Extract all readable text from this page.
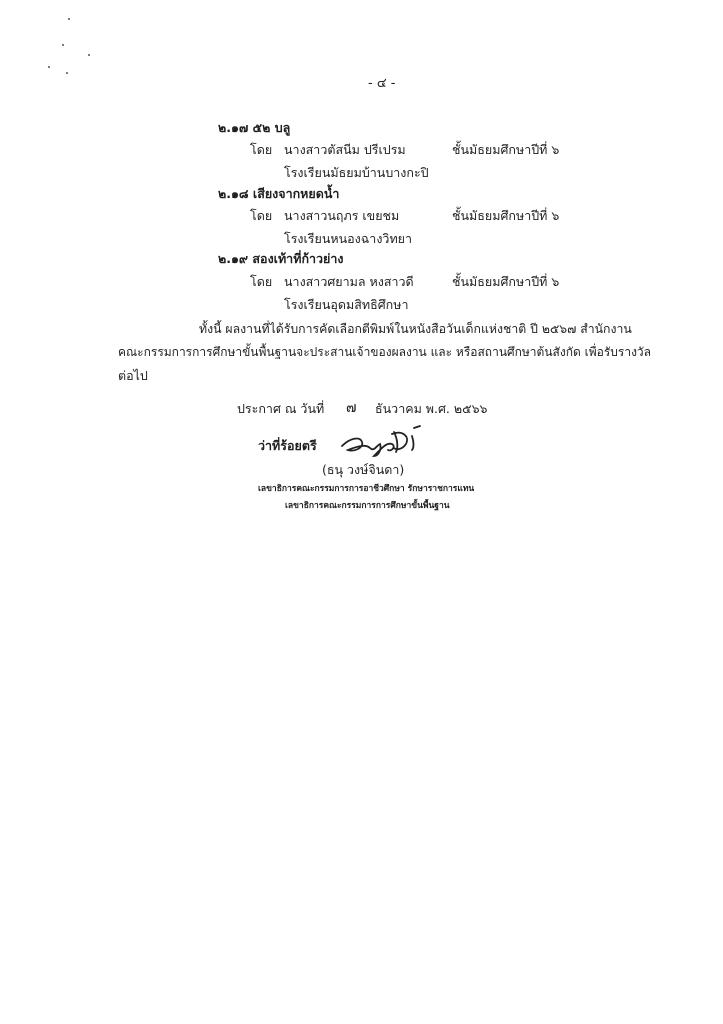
- ๔ -
๒.๑๗ ๕๒ บลู
โดย นางสาวตัสนีม ปรีเปรม	ชั้นมัธยมศึกษาปีที่ ๖
โรงเรียนมัธยมบ้านบางกะปิ
๒.๑๘ เสียงจากหยดน้ำ
โดย นางสาวนฤภร เขยชม	ชั้นมัธยมศึกษาปีที่ ๖
โรงเรียนหนองฉางวิทยา
๒.๑๙ สองเท้าที่ก้าวย่าง
โดย นางสาวศยามล หงสาวดี	ชั้นมัธยมศึกษาปีที่ ๖
โรงเรียนอุดมสิทธิศึกษา
ทั้งนี้ ผลงานที่ได้รับการคัดเลือกตีพิมพ์ในหนังสือวันเด็กแห่งชาติ ปี ๒๕๖๗ สำนักงาน
คณะกรรมการการศึกษาขั้นพื้นฐานจะประสานเจ้าของผลงาน และ หรือสถานศึกษาต้นสังกัด เพื่อรับรางวัล
ต่อไป
ประกาศ ณ วันที่ ๗ ธันวาคม พ.ศ. ๒๕๖๖
ว่าที่ร้อยตรี
(ธนุ วงษ์จินดา)
เลขาธิการคณะกรรมการการอาชีวศึกษา รักษาราชการแทน
เลขาธิการคณะกรรมการการศึกษาขั้นพื้นฐาน
